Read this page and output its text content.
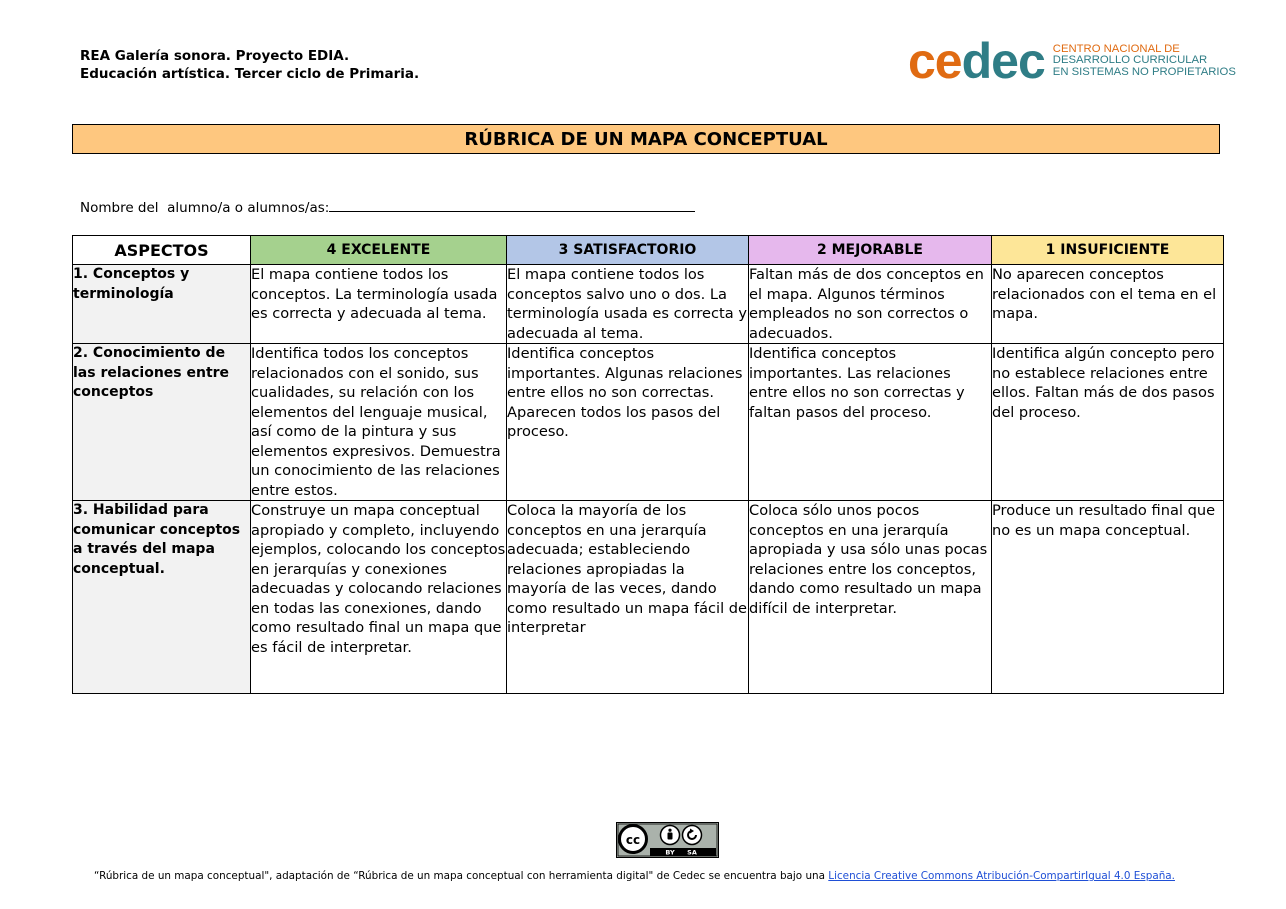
REA Galería sonora. Proyecto EDIA.
Educación artística. Tercer ciclo de Primaria.	cedec CENTRO NACIONAL DE
DESARROLLO CURRICULAR
EN SISTEMAS NO PROPIETARIOS
RÚBRICA DE UN MAPA CONCEPTUAL
Nombre del  alumno/a o alumnos/as:
ASPECTOS	4 EXCELENTE	3 SATISFACTORIO	2 MEJORABLE	1 INSUFICIENTE
1. Conceptos y terminología	El mapa contiene todos los conceptos. La terminología usada es correcta y adecuada al tema.	El mapa contiene todos los conceptos salvo uno o dos. La terminología usada es correcta y adecuada al tema.	Faltan más de dos conceptos en el mapa. Algunos términos empleados no son correctos o adecuados.	No aparecen conceptos relacionados con el tema en el mapa.
2. Conocimiento de las relaciones entre conceptos	Identifica todos los conceptos relacionados con el sonido, sus cualidades, su relación con los elementos del lenguaje musical, así como de la pintura y sus elementos expresivos. Demuestra un conocimiento de las relaciones entre estos.	Identifica conceptos importantes. Algunas relaciones entre ellos no son correctas. Aparecen todos los pasos del proceso.	Identifica conceptos importantes. Las relaciones entre ellos no son correctas y faltan pasos del proceso.	Identifica algún concepto pero no establece relaciones entre ellos. Faltan más de dos pasos del proceso.
3. Habilidad para comunicar conceptos a través del mapa conceptual.	Construye un mapa conceptual apropiado y completo, incluyendo ejemplos, colocando los conceptos en jerarquías y conexiones adecuadas y colocando relaciones en todas las conexiones, dando como resultado final un mapa que es fácil de interpretar.	Coloca la mayoría de los conceptos en una jerarquía adecuada; estableciendo relaciones apropiadas la mayoría de las veces, dando como resultado un mapa fácil de interpretar	Coloca sólo unos pocos conceptos en una jerarquía apropiada y usa sólo unas pocas relaciones entre los conceptos, dando como resultado un mapa difícil de interpretar.	Produce un resultado final que no es un mapa conceptual.
cc
BY SA
“Rúbrica de un mapa conceptual", adaptación de “Rúbrica de un mapa conceptual con herramienta digital" de Cedec se encuentra bajo una Licencia Creative Commons Atribución-CompartirIgual 4.0 España.
